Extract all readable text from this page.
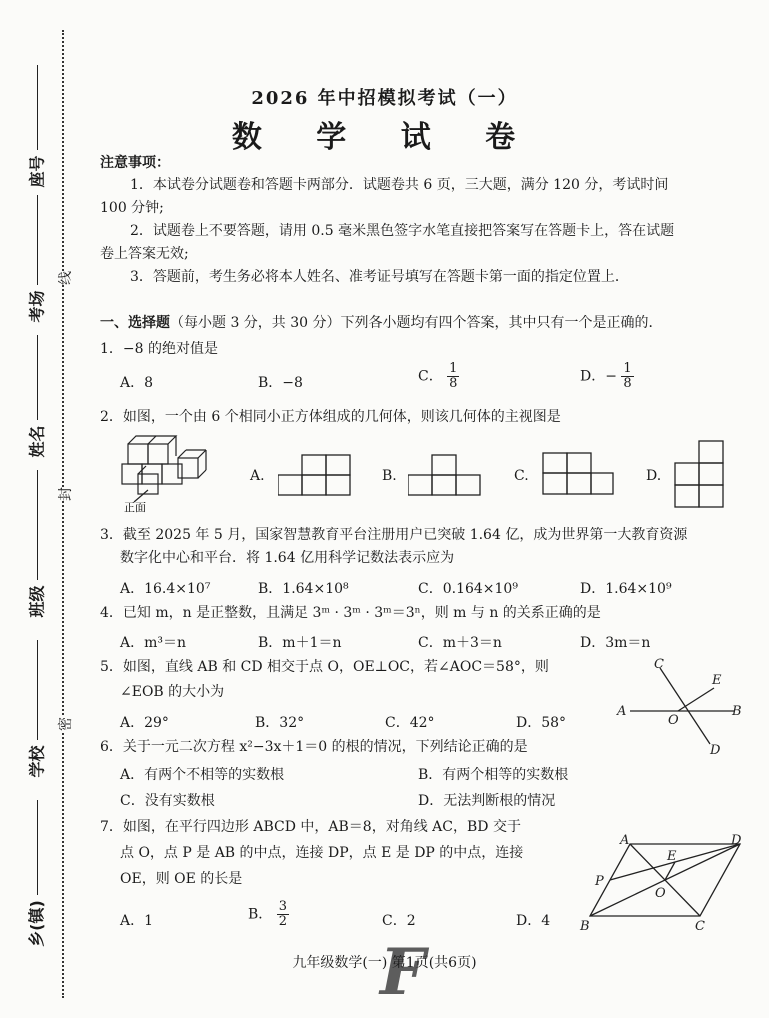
座号
考场
姓名
班级
学校
乡(镇)
线
封
密
2026 年中招模拟考试（一）
数 学 试 卷
注意事项：
1．本试卷分试题卷和答题卡两部分．试题卷共 6 页，三大题，满分 120 分，考试时间
100 分钟;
2．试题卷上不要答题，请用 0.5 毫米黑色签字水笔直接把答案写在答题卡上，答在试题
卷上答案无效;
3．答题前，考生务必将本人姓名、准考证号填写在答题卡第一面的指定位置上．
一、选择题（每小题 3 分，共 30 分）下列各小题均有四个答案，其中只有一个是正确的．
1．−8 的绝对值是
A．8	B．−8	C． $\frac{1}{8}$	D．− $\frac{1}{8}$
2．如图，一个由 6 个相同小正方体组成的几何体，则该几何体的主视图是
正面
A.	B.	C.	D.
3．截至 2025 年 5 月，国家智慧教育平台注册用户已突破 1.64 亿，成为世界第一大教育资源
数字化中心和平台．将 1.64 亿用科学记数法表示应为
A．16.4×10⁷	B．1.64×10⁸	C．0.164×10⁹	D．1.64×10⁹
4．已知 m，n 是正整数，且满足 3ᵐ · 3ᵐ · 3ᵐ＝3ⁿ，则 m 与 n 的关系正确的是
A．m³＝n	B．m＋1＝n	C．m＋3＝n	D．3m＝n
5．如图，直线 AB 和 CD 相交于点 O，OE⊥OC，若∠AOC＝58°，则
∠EOB 的大小为
A．29°	B．32°	C．42°	D．58°
C
E
A
O
B
D
6．关于一元二次方程 x²−3x＋1＝0 的根的情况，下列结论正确的是
A．有两个不相等的实数根	B．有两个相等的实数根
C．没有实数根	D．无法判断根的情况
7．如图，在平行四边形 ABCD 中，AB＝8，对角线 AC，BD 交于
点 O，点 P 是 AB 的中点，连接 DP，点 E 是 DP 的中点，连接
OE，则 OE 的长是
A．1	B． $\frac{3}{2}$	C．2	D．4
A	D
E
P
O
B	C
F
九年级数学(一) 第1页(共6页)
